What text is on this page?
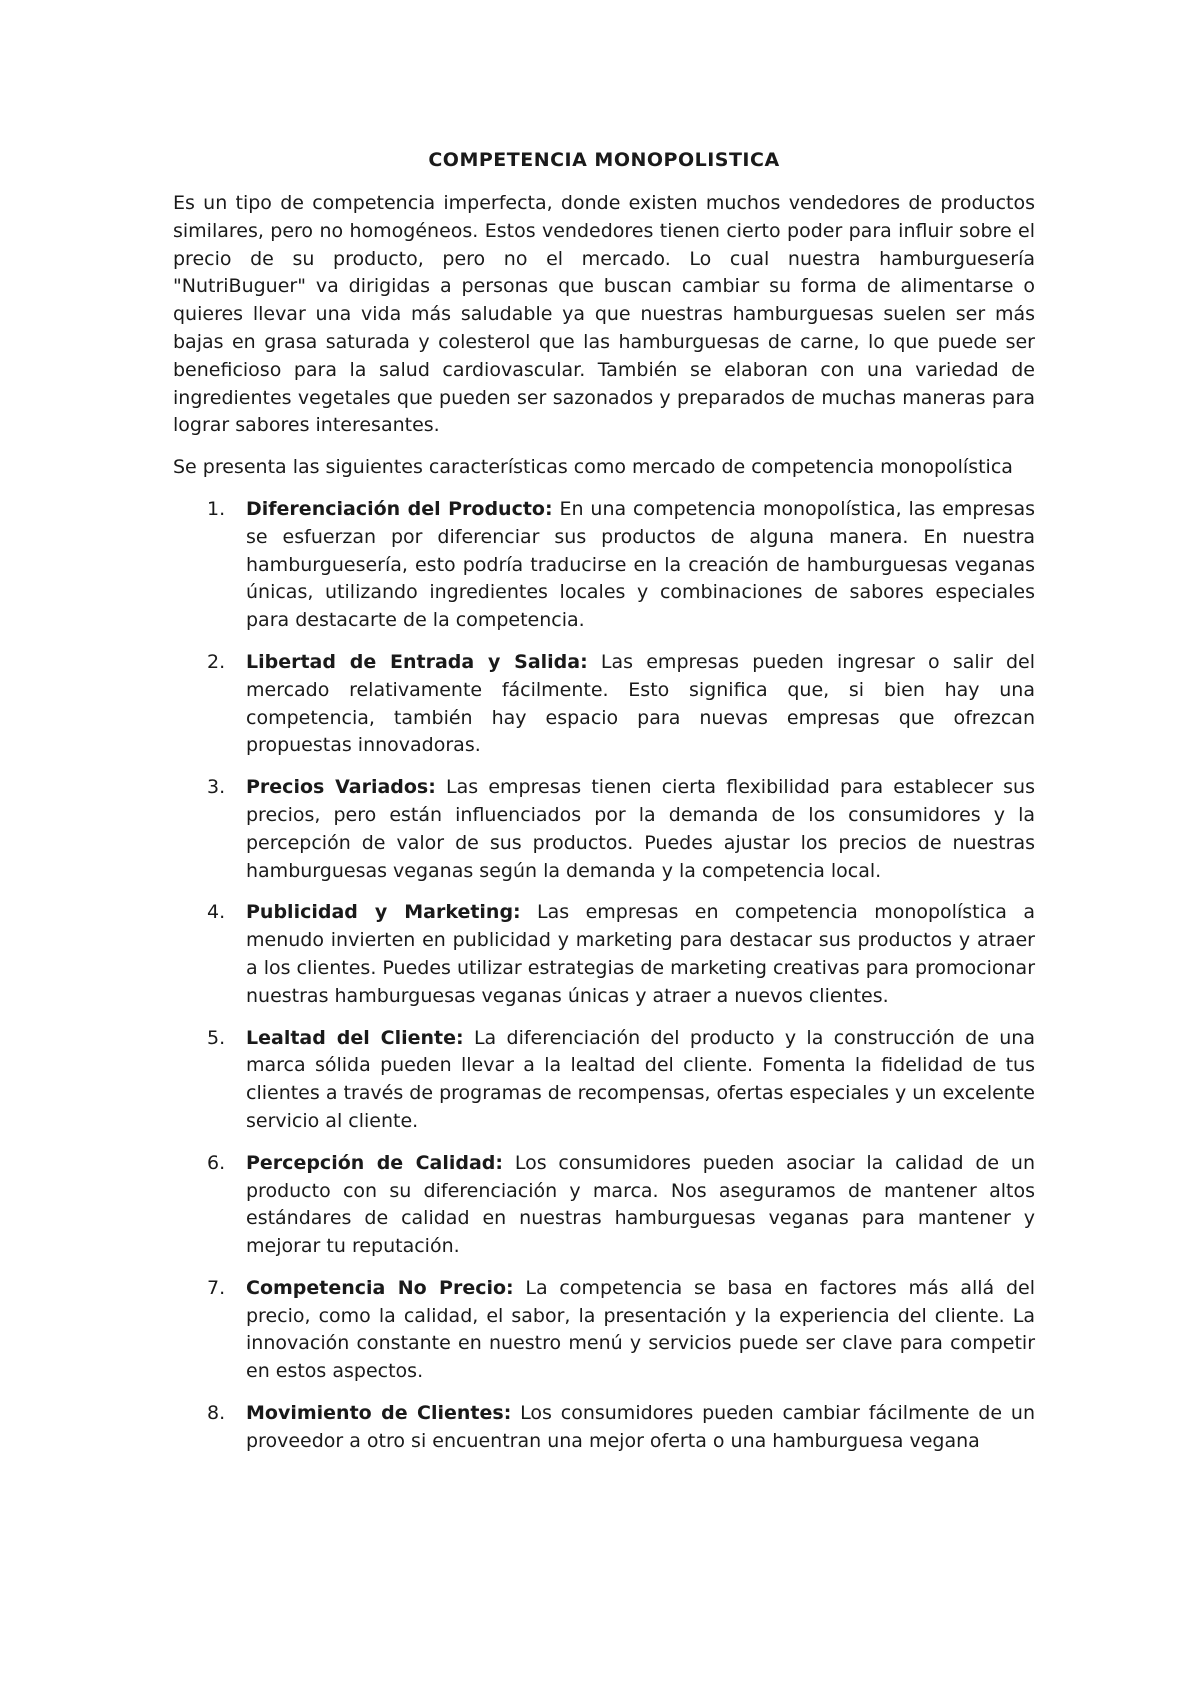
COMPETENCIA MONOPOLISTICA

Es un tipo de competencia imperfecta, donde existen muchos vendedores de productos similares, pero no homogéneos. Estos vendedores tienen cierto poder para influir sobre el precio de su producto, pero no el mercado. Lo cual nuestra hamburguesería "NutriBuguer" va dirigidas a personas que buscan cambiar su forma de alimentarse o quieres llevar una vida más saludable ya que nuestras hamburguesas suelen ser más bajas en grasa saturada y colesterol que las hamburguesas de carne, lo que puede ser beneficioso para la salud cardiovascular. También se elaboran con una variedad de ingredientes vegetales que pueden ser sazonados y preparados de muchas maneras para lograr sabores interesantes.

Se presenta las siguientes características como mercado de competencia monopolística

1. Diferenciación del Producto: En una competencia monopolística, las empresas se esfuerzan por diferenciar sus productos de alguna manera. En nuestra hamburguesería, esto podría traducirse en la creación de hamburguesas veganas únicas, utilizando ingredientes locales y combinaciones de sabores especiales para destacarte de la competencia.
2. Libertad de Entrada y Salida: Las empresas pueden ingresar o salir del mercado relativamente fácilmente. Esto significa que, si bien hay una competencia, también hay espacio para nuevas empresas que ofrezcan propuestas innovadoras.
3. Precios Variados: Las empresas tienen cierta flexibilidad para establecer sus precios, pero están influenciados por la demanda de los consumidores y la percepción de valor de sus productos. Puedes ajustar los precios de nuestras hamburguesas veganas según la demanda y la competencia local.
4. Publicidad y Marketing: Las empresas en competencia monopolística a menudo invierten en publicidad y marketing para destacar sus productos y atraer a los clientes. Puedes utilizar estrategias de marketing creativas para promocionar nuestras hamburguesas veganas únicas y atraer a nuevos clientes.
5. Lealtad del Cliente: La diferenciación del producto y la construcción de una marca sólida pueden llevar a la lealtad del cliente. Fomenta la fidelidad de tus clientes a través de programas de recompensas, ofertas especiales y un excelente servicio al cliente.
6. Percepción de Calidad: Los consumidores pueden asociar la calidad de un producto con su diferenciación y marca. Nos aseguramos de mantener altos estándares de calidad en nuestras hamburguesas veganas para mantener y mejorar tu reputación.
7. Competencia No Precio: La competencia se basa en factores más allá del precio, como la calidad, el sabor, la presentación y la experiencia del cliente. La innovación constante en nuestro menú y servicios puede ser clave para competir en estos aspectos.
8. Movimiento de Clientes: Los consumidores pueden cambiar fácilmente de un proveedor a otro si encuentran una mejor oferta o una hamburguesa vegana
